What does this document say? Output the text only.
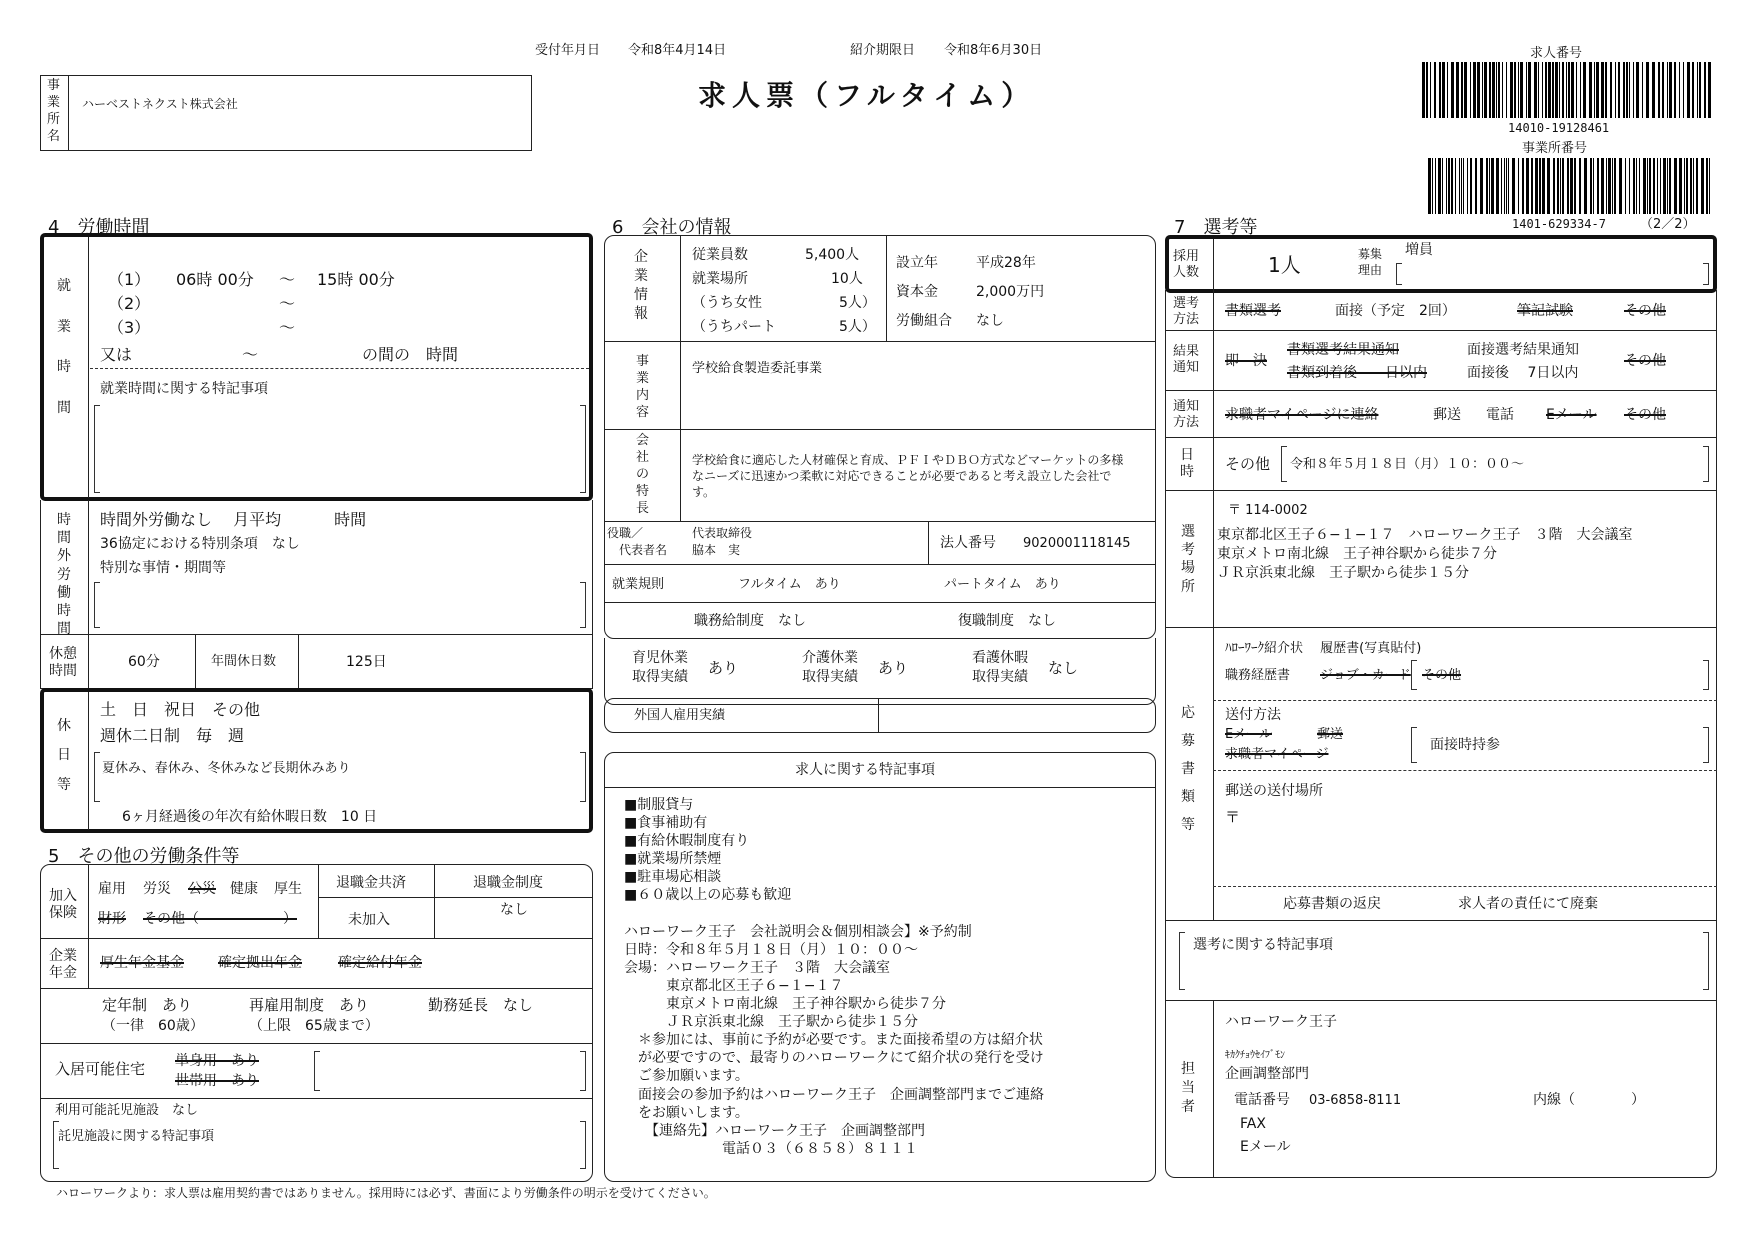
受付年月日 令和8年4月14日	紹介期限日 令和8年6月30日
求人票（フルタイム）
求人番号
14010-19128461
事業所番号
1401-629334-7	（2／2）
事
業
所
名
ハーベストネクスト株式会社
4　労働時間
就
業
時
間
（1） 06時 00分 〜 15時 00分
（2）	〜
（3）	〜
又は	〜	の間の　時間
就業時間に関する特記事項
時
間
外
労
働
時
間
時間外労働なし　 月平均　　　 時間
36協定における特別条項　なし
特別な事情・期間等
休憩時間
60分	年間休日数	125日
休
日
等
土　日　祝日　その他
週休二日制　毎　週
夏休み、春休み、冬休みなど長期休みあり
6ヶ月経過後の年次有給休暇日数　10 日
5　その他の労働条件等
加入保険
雇用 労災 公災 健康 厚生
財形 その他（　　　　　　）
退職金共済
未加入
退職金制度
なし
企業年金
厚生年金基金 確定拠出年金	確定給付年金
定年制　あり
（一律　60歳）
再雇用制度　あり
（上限　65歳まで）
勤務延長　なし
入居可能住宅 単身用　あり
世帯用　あり
利用可能託児施設　なし
託児施設に関する特記事項
6　会社の情報
企
業
情
報
従業員数	5,400人
就業場所	10人
（うち女性	5人）
（うちパート	5人）
設立年	平成28年
資本金	2,000万円
労働組合 なし
事
業
内
容
学校給食製造委託事業
会
社
の
特
長
学校給食に適応した人材確保と育成、ＰＦＩやＤＢＯ方式などマーケットの多様なニーズに迅速かつ柔軟に対応できることが必要であると考え設立した会社です。
役職／
代表者名
代表取締役
脇本　実	法人番号 9020001118145
就業規則	フルタイム　あり	パートタイム　あり
職務給制度　なし	復職制度　なし
育児休業
取得実績 あり
介護休業
取得実績 あり
看護休暇
取得実績 なし
外国人雇用実績
求人に関する特記事項
■制服貸与
■食事補助有
■有給休暇制度有り
■就業場所禁煙
■駐車場応相談
■６０歳以上の応募も歓迎
ハローワーク王子　会社説明会＆個別相談会】※予約制
日時：令和８年５月１８日（月）１０：００〜
会場：ハローワーク王子　３階　大会議室
　　　東京都北区王子６−１−１７
　　　東京メトロ南北線　王子神谷駅から徒歩７分
　　　ＪＲ京浜東北線　王子駅から徒歩１５分
　＊参加には、事前に予約が必要です。また面接希望の方は紹介状
　が必要ですので、最寄りのハローワークにて紹介状の発行を受け
　ご参加願います。
　面接会の参加予約はハローワーク王子　企画調整部門までご連絡
　をお願いします。
　　【連絡先】ハローワーク王子　企画調整部門
　　　　　　　電話０３（６８５８）８１１１
7　選考等
採用人数	1人	募集
理由
増員
選考方法
書類選考	面接（予定　2回）	筆記試験	その他
結果通知	即　決
書類選考結果通知
書類到着後　　日以内
面接選考結果通知
面接後　 7日以内
その他
通知方法	求職者マイページに連絡	郵送 電話 Eメール その他
日時	その他 令和８年５月１８日（月）１０：００〜
選
考
場
所
〒 114-0002
東京都北区王子６−１−１７　ハローワーク王子　３階　大会議室
東京メトロ南北線　王子神谷駅から徒歩７分
ＪＲ京浜東北線　王子駅から徒歩１５分
応
募
書
類
等
ﾊﾛｰﾜｰｸ紹介状　 履歴書(写真貼付)
職務経歴書 ジョブ・カード その他
送付方法
Eメール	郵送
求職者マイページ
面接時持参
郵送の送付場所
〒
応募書類の返戻	求人者の責任にて廃棄
選考に関する特記事項
担
当
者
ハローワーク王子
ｷｶｸﾁｮｳｾｲﾌﾞﾓﾝ
企画調整部門
電話番号 03-6858-8111	内線（　　　　）
FAX
Eメール
ハローワークより：求人票は雇用契約書ではありません。採用時には必ず、書面により労働条件の明示を受けてください。
